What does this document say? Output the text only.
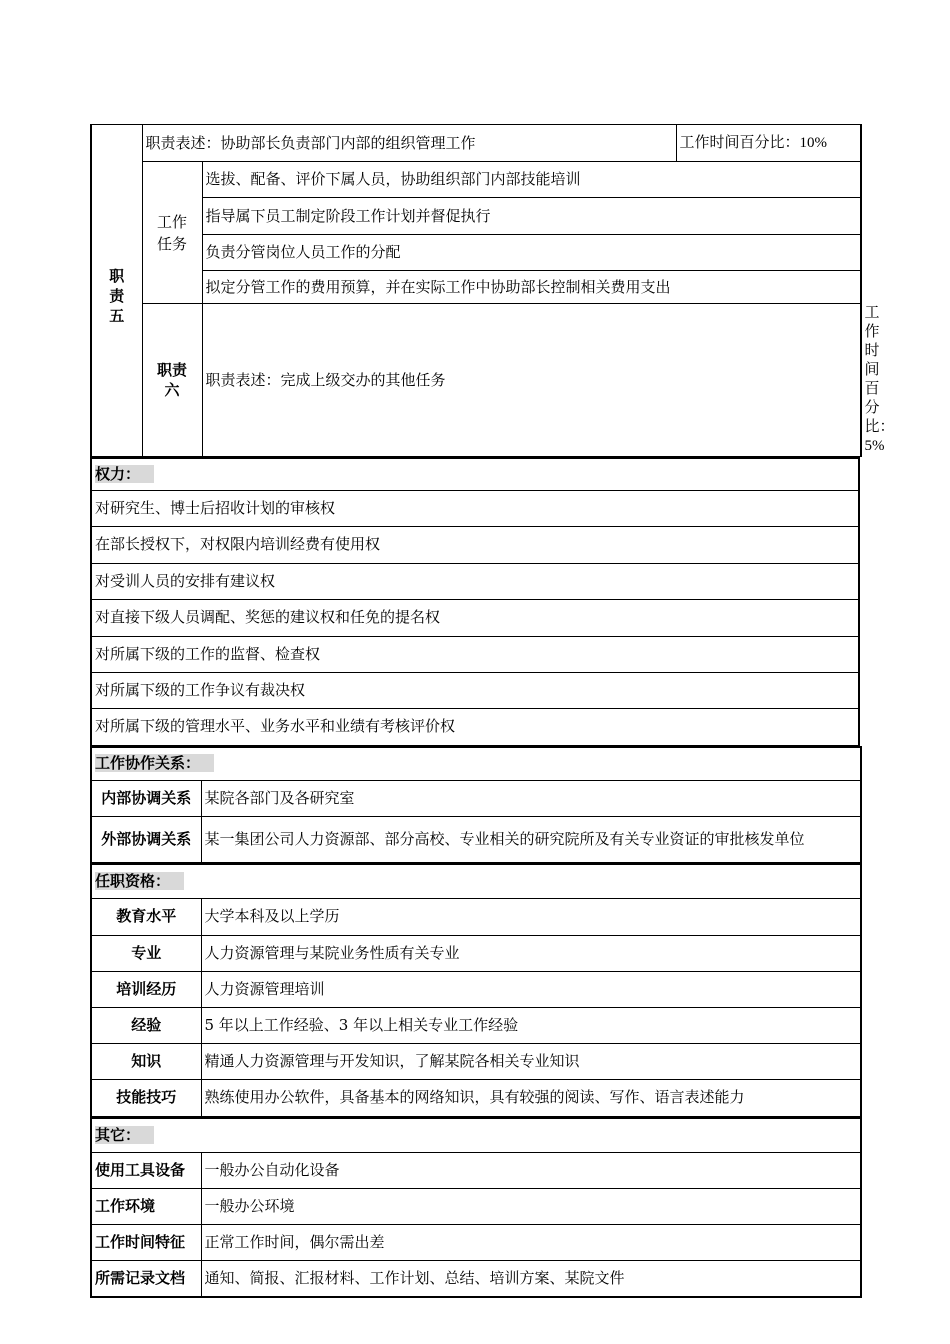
职责五	职责表述：协助部长负责部门内部的组织管理工作		工作时间百分比：10%	

	工作任务	选拔、配备、评价下属人员，协助组织部门内部技能培训		
		指导属下员工制定阶段工作计划并督促执行		
		负责分管岗位人员工作的分配		
		拟定分管工作的费用预算，并在实际工作中协助部长控制相关费用支出		

	职责六	职责表述：完成上级交办的其他任务		工作时间百分比：5%
权力：
对研究生、博士后招收计划的审核权
在部长授权下，对权限内培训经费有使用权
对受训人员的安排有建议权
对直接下级人员调配、奖惩的建议权和任免的提名权
对所属下级的工作的监督、检查权
对所属下级的工作争议有裁决权
对所属下级的管理水平、业务水平和业绩有考核评价权
工作协作关系：	
内部协调关系	某院各部门及各研究室
外部协调关系	某一集团公司人力资源部、部分高校、专业相关的研究院所及有关专业资证的审批核发单位
任职资格：	
教育水平	大学本科及以上学历
专业	人力资源管理与某院业务性质有关专业
培训经历	人力资源管理培训
经验	5 年以上工作经验、3 年以上相关专业工作经验
知识	精通人力资源管理与开发知识，了解某院各相关专业知识
技能技巧	熟练使用办公软件，具备基本的网络知识，具有较强的阅读、写作、语言表述能力
其它：	
使用工具设备	一般办公自动化设备
工作环境	一般办公环境
工作时间特征	正常工作时间，偶尔需出差
所需记录文档	通知、简报、汇报材料、工作计划、总结、培训方案、某院文件
